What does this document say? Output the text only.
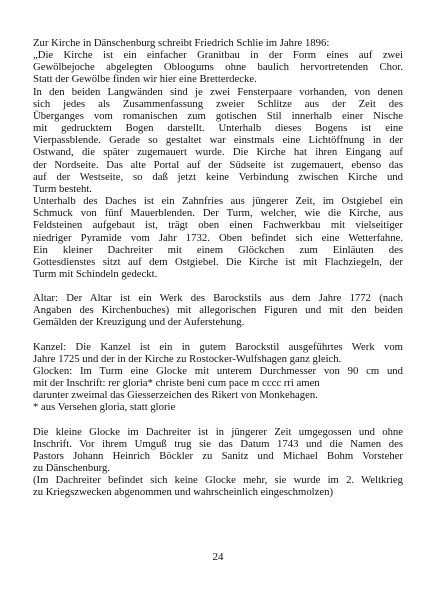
Zur Kirche in Dänschenburg schreibt Friedrich Schlie im Jahre 1896:
„Die Kirche ist ein einfacher Granitbau in der Form eines auf zwei
Gewölbejoche abgelegten Obloogums ohne baulich hervortretenden Chor.
Statt der Gewölbe finden wir hier eine Bretterdecke.
In den beiden Langwänden sind je zwei Fensterpaare vorhanden, von denen
sich jedes als Zusammenfassung zweier Schlitze aus der Zeit des
Überganges vom romanischen zum gotischen Stil innerhalb einer Nische
mit gedrucktem Bogen darstellt. Unterhalb dieses Bogens ist eine
Vierpassblende. Gerade so gestaltet war einstmals eine Lichtöffnung in der
Ostwand, die später zugemauert wurde. Die Kirche hat ihren Eingang auf
der Nordseite. Das alte Portal auf der Südseite ist zugemauert, ebenso das
auf der Westseite, so daß jetzt keine Verbindung zwischen Kirche und
Turm besteht.
Unterhalb des Daches ist ein Zahnfries aus jüngerer Zeit, im Ostgiebel ein
Schmuck von fünf Mauerblenden. Der Turm, welcher, wie die Kirche, aus
Feldsteinen aufgebaut ist, trägt oben einen Fachwerkbau mit vielseitiger
niedriger Pyramide vom Jahr 1732. Oben befindet sich eine Wetterfahne.
Ein kleiner Dachreiter mit einem Glöckchen zum Einläuten des
Gottesdienstes sitzt auf dem Ostgiebel. Die Kirche ist mit Flachziegeln, der
Turm mit Schindeln gedeckt.
Altar: Der Altar ist ein Werk des Barockstils aus dem Jahre 1772 (nach
Angaben des Kirchenbuches) mit allegorischen Figuren und mit den beiden
Gemälden der Kreuzigung und der Auferstehung.
Kanzel: Die Kanzel ist ein in gutem Barockstil ausgeführtes Werk vom
Jahre 1725 und der in der Kirche zu Rostocker-Wulfshagen ganz gleich.
Glocken: Im Turm eine Glocke mit unterem Durchmesser von 90 cm und
mit der Inschrift: rer gloria* christe beni cum pace m cccc rri amen
darunter zweimal das Giesserzeichen des Rikert von Monkehagen.
* aus Versehen gloria, statt glorie
Die kleine Glocke im Dachreiter ist in jüngerer Zeit umgegossen und ohne
Inschrift. Vor ihrem Umguß trug sie das Datum 1743 und die Namen des
Pastors Johann Heinrich Böckler zu Sanitz und Michael Bohm Vorsteher
zu Dänschenburg.
(Im Dachreiter befindet sich keine Glocke mehr, sie wurde im 2. Weltkrieg
zu Kriegszwecken abgenommen und wahrscheinlich eingeschmolzen)
24
